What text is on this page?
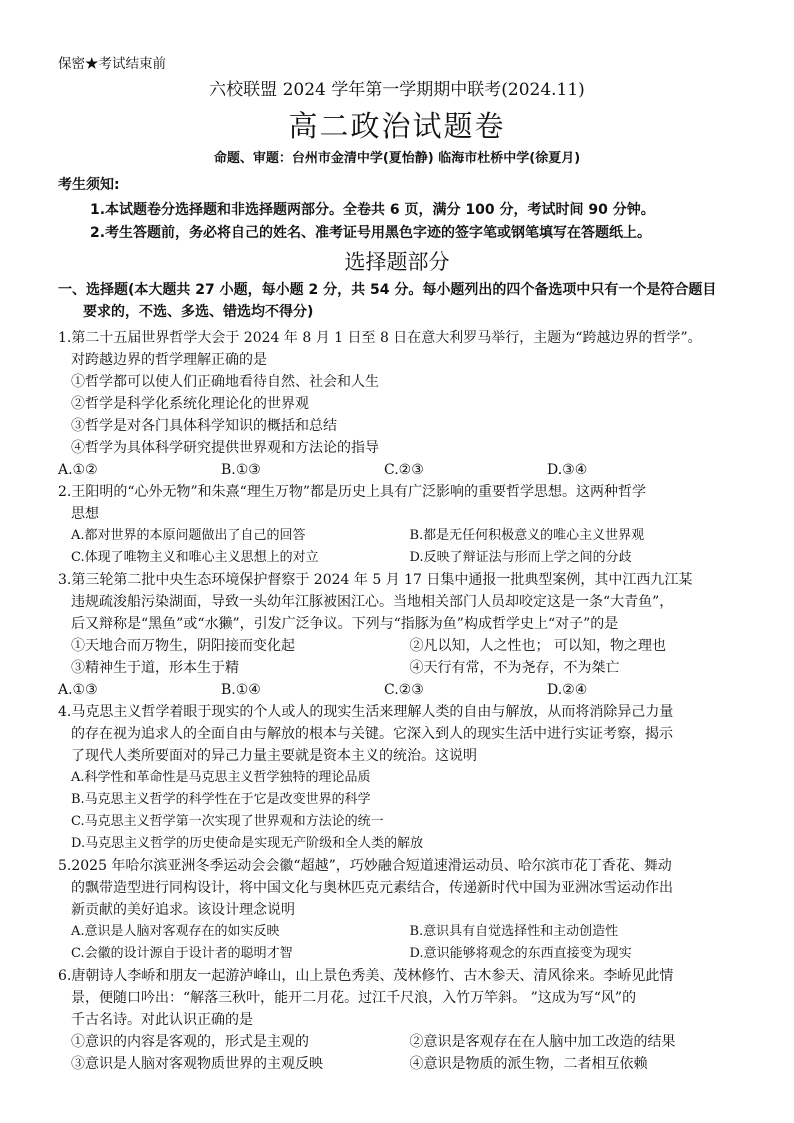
保密★考试结束前
六校联盟 2024 学年第一学期期中联考(2024.11)
高二政治试题卷
命题、审题：台州市金清中学(夏怡静) 临海市杜桥中学(徐夏月)
考生须知:
1.本试题卷分选择题和非选择题两部分。全卷共 6 页，满分 100 分，考试时间 90 分钟。
2.考生答题前，务必将自己的姓名、准考证号用黑色字迹的签字笔或钢笔填写在答题纸上。
选择题部分
一、选择题(本大题共 27 小题，每小题 2 分，共 54 分。每小题列出的四个备选项中只有一个是符合题目
要求的，不选、多选、错选均不得分)
1.第二十五届世界哲学大会于 2024 年 8 月 1 日至 8 日在意大利罗马举行，主题为“跨越边界的哲学”。
对跨越边界的哲学理解正确的是
①哲学都可以使人们正确地看待自然、社会和人生
②哲学是科学化系统化理论化的世界观
③哲学是对各门具体科学知识的概括和总结
④哲学为具体科学研究提供世界观和方法论的指导
A.①②	B.①③	C.②③	D.③④
2.王阳明的“心外无物”和朱熹“理生万物”都是历史上具有广泛影响的重要哲学思想。这两种哲学
思想
A.都对世界的本原问题做出了自己的回答	B.都是无任何积极意义的唯心主义世界观
C.体现了唯物主义和唯心主义思想上的对立	D.反映了辩证法与形而上学之间的分歧
3.第三轮第二批中央生态环境保护督察于 2024 年 5 月 17 日集中通报一批典型案例，其中江西九江某
违规疏浚船污染湖面，导致一头幼年江豚被困江心。当地相关部门人员却咬定这是一条“大青鱼”，
后又辩称是“黑鱼”或“水獭”，引发广泛争议。下列与“指豚为鱼”构成哲学史上“对子”的是
①天地合而万物生，阴阳接而变化起	②凡以知，人之性也； 可以知，物之理也
③精神生于道，形本生于精	④天行有常，不为尧存，不为桀亡
A.①③	B.①④	C.②③	D.②④
4.马克思主义哲学着眼于现实的个人或人的现实生活来理解人类的自由与解放，从而将消除异己力量
的存在视为追求人的全面自由与解放的根本与关键。它深入到人的现实生活中进行实证考察，揭示
了现代人类所要面对的异己力量主要就是资本主义的统治。这说明
A.科学性和革命性是马克思主义哲学独特的理论品质
B.马克思主义哲学的科学性在于它是改变世界的科学
C.马克思主义哲学第一次实现了世界观和方法论的统一
D.马克思主义哲学的历史使命是实现无产阶级和全人类的解放
5.2025 年哈尔滨亚洲冬季运动会会徽“超越”，巧妙融合短道速滑运动员、哈尔滨市花丁香花、舞动
的飘带造型进行同构设计，将中国文化与奥林匹克元素结合，传递新时代中国为亚洲冰雪运动作出
新贡献的美好追求。该设计理念说明
A.意识是人脑对客观存在的如实反映	B.意识具有自觉选择性和主动创造性
C.会徽的设计源自于设计者的聪明才智	D.意识能够将观念的东西直接变为现实
6.唐朝诗人李峤和朋友一起游泸峰山，山上景色秀美、茂林修竹、古木参天、清风徐来。李峤见此情
景，便随口吟出：“解落三秋叶，能开二月花。过江千尺浪，入竹万竿斜。 ”这成为写“风”的
千古名诗。对此认识正确的是
①意识的内容是客观的，形式是主观的	②意识是客观存在在人脑中加工改造的结果
③意识是人脑对客观物质世界的主观反映	④意识是物质的派生物，二者相互依赖
